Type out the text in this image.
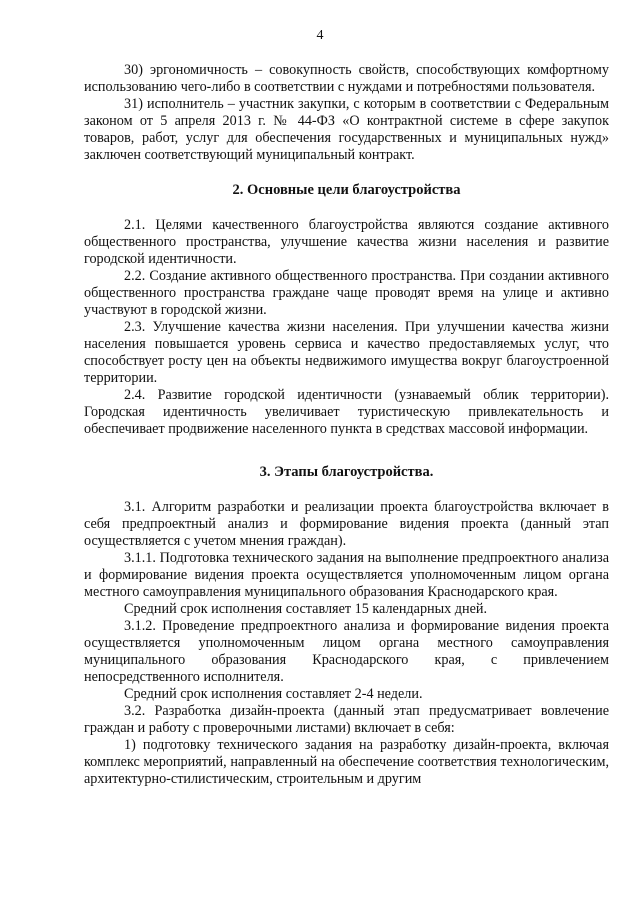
4

30) эргономичность – совокупность свойств, способствующих комфортному использованию чего-либо в соответствии с нуждами и потребностями пользователя.

31) исполнитель – участник закупки, с которым в соответствии с Федеральным законом от 5 апреля 2013 г. № 44-ФЗ «О контрактной системе в сфере закупок товаров, работ, услуг для обеспечения государственных и муниципальных нужд» заключен соответствующий муниципальный контракт.

2. Основные цели благоустройства

2.1. Целями качественного благоустройства являются создание активного общественного пространства, улучшение качества жизни населения и развитие городской идентичности.

2.2. Создание активного общественного пространства. При создании активного общественного пространства граждане чаще проводят время на улице и активно участвуют в городской жизни.

2.3. Улучшение качества жизни населения. При улучшении качества жизни населения повышается уровень сервиса и качество предоставляемых услуг, что способствует росту цен на объекты недвижимого имущества вокруг благоустроенной территории.

2.4. Развитие городской идентичности (узнаваемый облик территории). Городская идентичность увеличивает туристическую привлекательность и обеспечивает продвижение населенного пункта в средствах массовой информации.

3. Этапы благоустройства.

3.1. Алгоритм разработки и реализации проекта благоустройства включает в себя предпроектный анализ и формирование видения проекта (данный этап осуществляется с учетом мнения граждан).

3.1.1. Подготовка технического задания на выполнение предпроектного анализа и формирование видения проекта осуществляется уполномоченным лицом органа местного самоуправления муниципального образования Краснодарского края.

Средний срок исполнения составляет 15 календарных дней.

3.1.2. Проведение предпроектного анализа и формирование видения проекта осуществляется уполномоченным лицом органа местного самоуправления муниципального образования Краснодарского края, с привлечением непосредственного исполнителя.

Средний срок исполнения составляет 2-4 недели.

3.2. Разработка дизайн-проекта (данный этап предусматривает вовлечение граждан и работу с проверочными листами) включает в себя:

1) подготовку технического задания на разработку дизайн-проекта, включая комплекс мероприятий, направленный на обеспечение соответствия технологическим, архитектурно-стилистическим, строительным и другим
